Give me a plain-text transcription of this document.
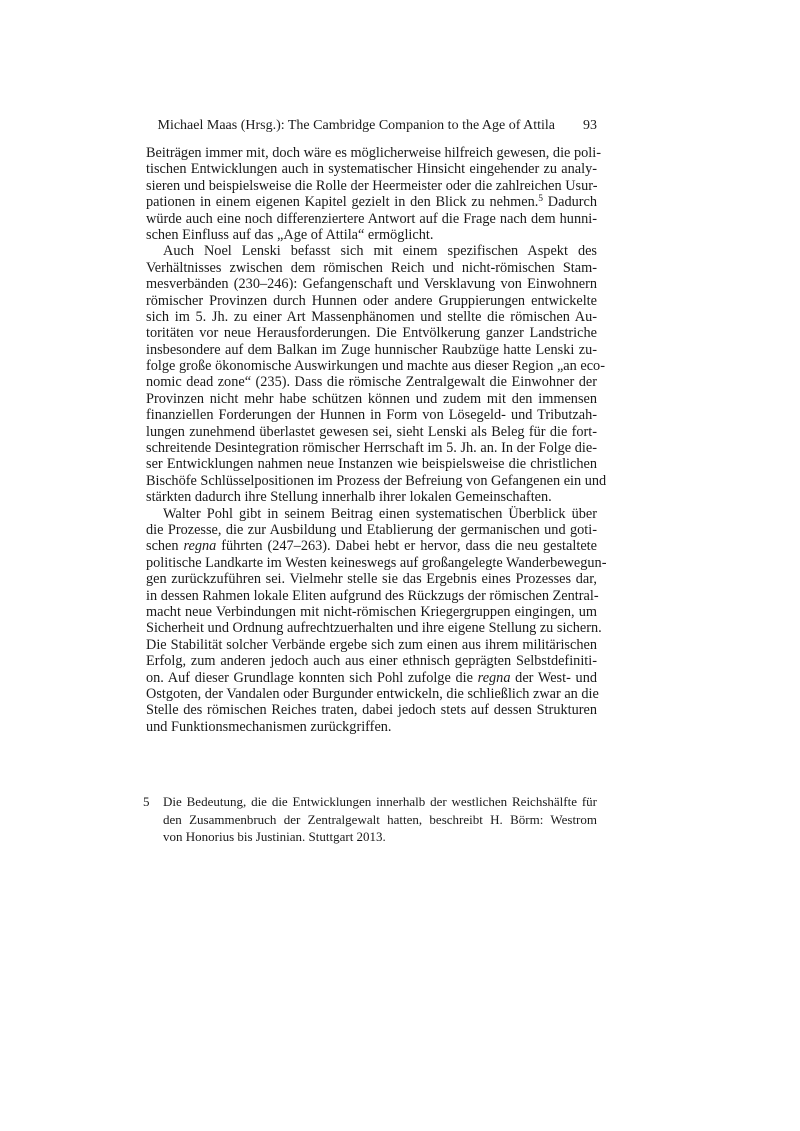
Michael Maas (Hrsg.): The Cambridge Companion to the Age of Attila 93
Beiträgen immer mit, doch wäre es möglicherweise hilfreich gewesen, die poli-
tischen Entwicklungen auch in systematischer Hinsicht eingehender zu analy-
sieren und beispielsweise die Rolle der Heermeister oder die zahlreichen Usur-
pationen in einem eigenen Kapitel gezielt in den Blick zu nehmen.$^5$ Dadurch
würde auch eine noch differenziertere Antwort auf die Frage nach dem hunni-
schen Einfluss auf das „Age of Attila“ ermöglicht.
Auch Noel Lenski befasst sich mit einem spezifischen Aspekt des
Verhältnisses zwischen dem römischen Reich und nicht-römischen Stam-
mesverbänden (230–246): Gefangenschaft und Versklavung von Einwohnern
römischer Provinzen durch Hunnen oder andere Gruppierungen entwickelte
sich im 5. Jh. zu einer Art Massenphänomen und stellte die römischen Au-
toritäten vor neue Herausforderungen. Die Entvölkerung ganzer Landstriche
insbesondere auf dem Balkan im Zuge hunnischer Raubzüge hatte Lenski zu-
folge große ökonomische Auswirkungen und machte aus dieser Region „an eco-
nomic dead zone“ (235). Dass die römische Zentralgewalt die Einwohner der
Provinzen nicht mehr habe schützen können und zudem mit den immensen
finanziellen Forderungen der Hunnen in Form von Lösegeld- und Tributzah-
lungen zunehmend überlastet gewesen sei, sieht Lenski als Beleg für die fort-
schreitende Desintegration römischer Herrschaft im 5. Jh. an. In der Folge die-
ser Entwicklungen nahmen neue Instanzen wie beispielsweise die christlichen
Bischöfe Schlüsselpositionen im Prozess der Befreiung von Gefangenen ein und
stärkten dadurch ihre Stellung innerhalb ihrer lokalen Gemeinschaften.
Walter Pohl gibt in seinem Beitrag einen systematischen Überblick über
die Prozesse, die zur Ausbildung und Etablierung der germanischen und goti-
schen regna führten (247–263). Dabei hebt er hervor, dass die neu gestaltete
politische Landkarte im Westen keineswegs auf großangelegte Wanderbewegun-
gen zurückzuführen sei. Vielmehr stelle sie das Ergebnis eines Prozesses dar,
in dessen Rahmen lokale Eliten aufgrund des Rückzugs der römischen Zentral-
macht neue Verbindungen mit nicht-römischen Kriegergruppen eingingen, um
Sicherheit und Ordnung aufrechtzuerhalten und ihre eigene Stellung zu sichern.
Die Stabilität solcher Verbände ergebe sich zum einen aus ihrem militärischen
Erfolg, zum anderen jedoch auch aus einer ethnisch geprägten Selbstdefiniti-
on. Auf dieser Grundlage konnten sich Pohl zufolge die regna der West- und
Ostgoten, der Vandalen oder Burgunder entwickeln, die schließlich zwar an die
Stelle des römischen Reiches traten, dabei jedoch stets auf dessen Strukturen
und Funktionsmechanismen zurückgriffen.
5 Die Bedeutung, die die Entwicklungen innerhalb der westlichen Reichshälfte für
den Zusammenbruch der Zentralgewalt hatten, beschreibt H. Börm: Westrom
von Honorius bis Justinian. Stuttgart 2013.
